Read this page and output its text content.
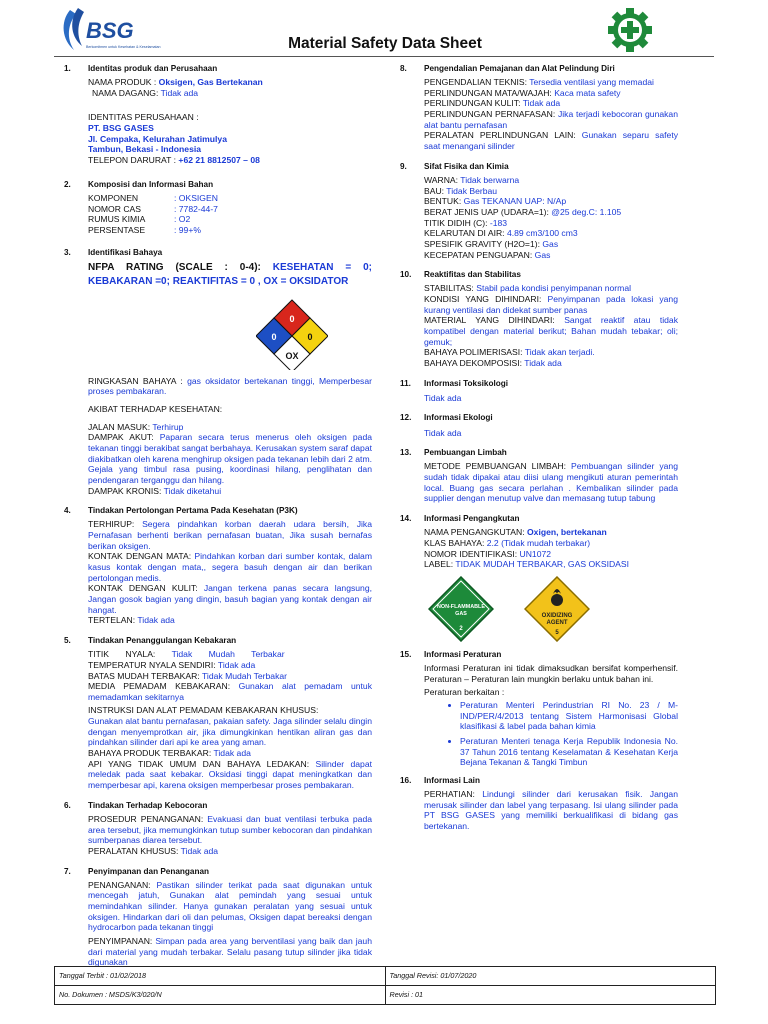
BSG
Berkomitmen untuk Kesehatan & Keselamatan	Material Safety Data Sheet
1. Identitas produk dan Perusahaan

NAMA PRODUK : Oksigen, Gas Bertekanan

NAMA DAGANG: Tidak ada

IDENTITAS PERUSAHAAN :

PT. BSG GASES

Jl. Cempaka, Kelurahan Jatimulya

Tambun, Bekasi - Indonesia

TELEPON DARURAT : +62 21 8812507 – 08

2. Komposisi dan Informasi Bahan
KOMPONEN	: OKSIGEN
NOMOR CAS	: 7782-44-7
RUMUS KIMIA	: O2
PERSENTASE	: 99+%
3. Identifikasi Bahaya

NFPA RATING (SCALE : 0-4): KESEHATAN = 0; KEBAKARAN =0; REAKTIFITAS = 0 , OX = OKSIDATOR

0
0	0
OX

RINGKASAN BAHAYA : gas oksidator bertekanan tinggi, Memperbesar proses pembakaran.

AKIBAT TERHADAP KESEHATAN:

JALAN MASUK: Terhirup

DAMPAK AKUT: Paparan secara terus menerus oleh oksigen pada tekanan tinggi berakibat sangat berbahaya. Kerusakan system saraf dapat diakibatkan oleh karena menghirup oksigen pada tekanan lebih dari 2 atm. Gejala yang timbul rasa pusing, koordinasi hilang, penglihatan dan pendengaran terganggu dan hilang.

DAMPAK KRONIS: Tidak diketahui

4. Tindakan Pertolongan Pertama Pada Kesehatan (P3K)

TERHIRUP: Segera pindahkan korban daerah udara bersih, Jika Pernafasan berhenti berikan pernafasan buatan, Jika susah bernafas berikan oksigen.

KONTAK DENGAN MATA: Pindahkan korban dari sumber kontak, dalam kasus kontak dengan mata,, segera basuh dengan air dan berikan pertolongan medis.

KONTAK DENGAN KULIT: Jangan terkena panas secara langsung, Jangan gosok bagian yang dingin, basuh bagian yang kontak dengan air hangat.

TERTELAN: Tidak ada

5. Tindakan Penanggulangan Kebakaran

TITIK NYALA: Tidak Mudah Terbakar

TEMPERATUR NYALA SENDIRI: Tidak ada

BATAS MUDAH TERBAKAR: Tidak Mudah Terbakar

MEDIA PEMADAM KEBAKARAN: Gunakan alat pemadam untuk memadamkan sekitarnya

INSTRUKSI DAN ALAT PEMADAM KEBAKARAN KHUSUS:

Gunakan alat bantu pernafasan, pakaian safety. Jaga silinder selalu dingin dengan menyemprotkan air, jika dimungkinkan hentikan aliran gas dan pindahkan silinder dari api ke area yang aman.

BAHAYA PRODUK TERBAKAR: Tidak ada

API YANG TIDAK UMUM DAN BAHAYA LEDAKAN: Silinder dapat meledak pada saat kebakar. Oksidasi tinggi dapat meningkatkan dan memperbesar api, karena oksigen memperbesar proses pembakaran.

6. Tindakan Terhadap Kebocoran

PROSEDUR PENANGANAN: Evakuasi dan buat ventilasi terbuka pada area tersebut, jika memungkinkan tutup sumber kebocoran dan pindahkan sumberpanas diarea tersebut.

PERALATAN KHUSUS: Tidak ada

7. Penyimpanan dan Penanganan

PENANGANAN: Pastikan silinder terikat pada saat digunakan untuk mencegah jatuh, Gunakan alat pemindah yang sesuai untuk memindahkan silinder. Hanya gunakan peralatan yang sesuai untuk oksigen. Hindarkan dari oli dan pelumas, Oksigen dapat bereaksi dengan hydrocarbon pada tekanan tinggi

PENYIMPANAN: Simpan pada area yang berventilasi yang baik dan jauh dari material yang mudah terbakar. Selalu pasang tutup silinder jika tidak digunakan

8. Pengendalian Pemajanan dan Alat Pelindung Diri

PENGENDALIAN TEKNIS: Tersedia ventilasi yang memadai

PERLINDUNGAN MATA/WAJAH: Kaca mata safety

PERLINDUNGAN KULIT: Tidak ada

PERLINDUNGAN PERNAFASAN: Jika terjadi kebocoran gunakan alat bantu pernafasan

PERALATAN PERLINDUNGAN LAIN: Gunakan separu safety saat menangani silinder

9. Sifat Fisika dan Kimia

WARNA: Tidak berwarna

BAU: Tidak Berbau

BENTUK: Gas TEKANAN UAP: N/Ap

BERAT JENIS UAP (UDARA=1): @25 deg.C: 1.105

TITIK DIDIH (C): -183

KELARUTAN DI AIR: 4.89 cm3/100 cm3

SPESIFIK GRAVITY (H2O=1): Gas

KECEPATAN PENGUAPAN: Gas

10. Reaktifitas dan Stabilitas

STABILITAS: Stabil pada kondisi penyimpanan normal

KONDISI YANG DIHINDARI: Penyimpanan pada lokasi yang kurang ventilasi dan didekat sumber panas

MATERIAL YANG DIHINDARI: Sangat reaktif atau tidak kompatibel dengan material berikut; Bahan mudah tebakar; oli; gemuk;

BAHAYA POLIMERISASI: Tidak akan terjadi.

BAHAYA DEKOMPOSISI: Tidak ada

11. Informasi Toksikologi

Tidak ada

12. Informasi Ekologi

Tidak ada

13. Pembuangan Limbah

METODE PEMBUANGAN LIMBAH: Pembuangan silinder yang sudah tidak dipakai atau diisi ulang mengikuti aturan pemerintah local. Buang gas secara perlahan . Kembalikan silinder pada supplier dengan menutup valve dan memasang tutup tabung

14. Informasi Pengangkutan

NAMA PENGANGKUTAN: Oxigen, bertekanan

KLAS BAHAYA: 2.2 (Tidak mudah terbakar)

NOMOR IDENTIFIKASI: UN1072

LABEL: TIDAK MUDAH TERBAKAR, GAS OKSIDASI

NON-FLAMMABLE
GAS
2
OXIDIZING
AGENT
5
15. Informasi Peraturan

Informasi Peraturan ini tidak dimaksudkan bersifat komperhensif. Peraturan – Peraturan lain mungkin berlaku untuk bahan ini.

Peraturan berkaitan :

• Peraturan Menteri Perindustrian RI No. 23 / M-IND/PER/4/2013 tentang Sistem Harmonisasi Global klasifikasi & label pada bahan kimia
• Peraturan Menteri tenaga Kerja Republik Indonesia No. 37 Tahun 2016 tentang Keselamatan & Kesehatan Kerja Bejana Tekanan & Tangki Timbun
16. Informasi Lain

PERHATIAN: Lindungi silinder dari kerusakan fisik. Jangan merusak silinder dan label yang terpasang. Isi ulang silinder pada PT BSG GASES yang memiliki berkualifikasi di bidang gas bertekanan.

Tanggal Terbit : 01/02/2018	Tanggal Revisi: 01/07/2020
No. Dokumen : MSDS/K3/020/N	Revisi : 01
